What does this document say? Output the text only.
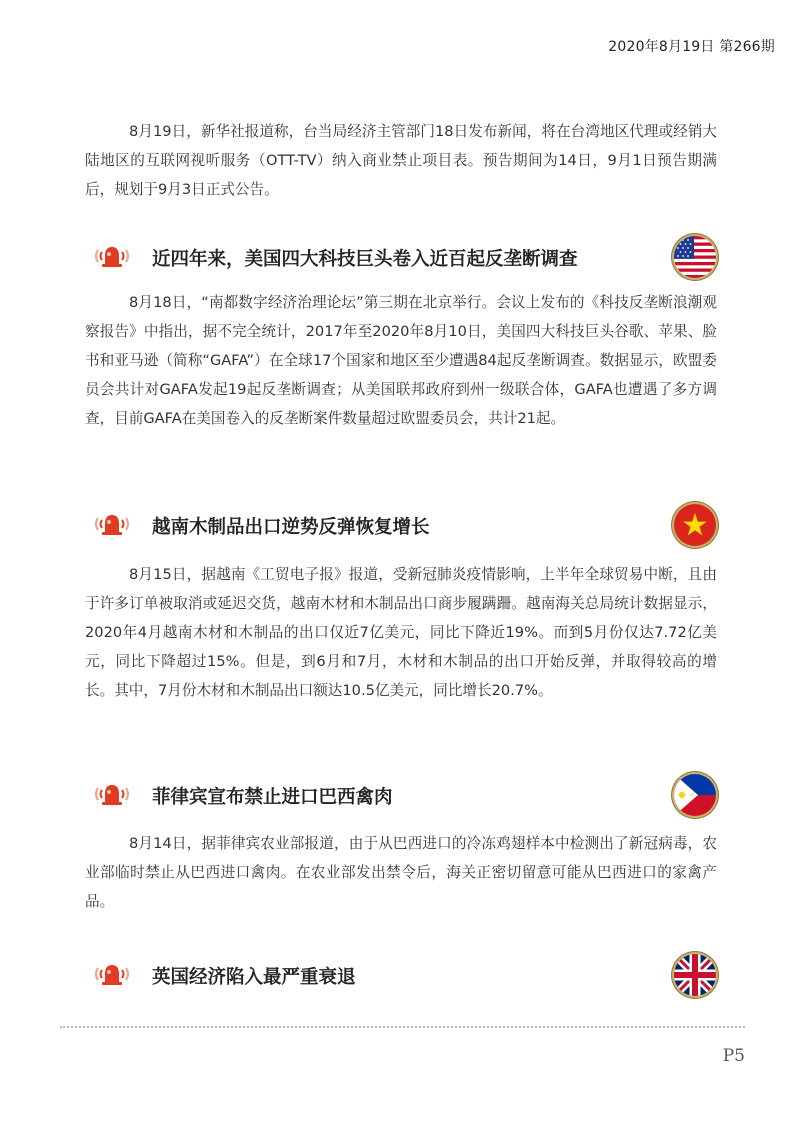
2020年8月19日 第266期

8月19日，新华社报道称，台当局经济主管部门18日发布新闻，将在台湾地区代理或经销大陆地区的互联网视听服务（OTT-TV）纳入商业禁止项目表。预告期间为14日，9月1日预告期满后，规划于9月3日正式公告。

近四年来，美国四大科技巨头卷入近百起反垄断调查

8月18日，“南都数字经济治理论坛”第三期在北京举行。会议上发布的《科技反垄断浪潮观察报告》中指出，据不完全统计，2017年至2020年8月10日，美国四大科技巨头谷歌、苹果、脸书和亚马逊（简称“GAFA”）在全球17个国家和地区至少遭遇84起反垄断调查。数据显示，欧盟委员会共计对GAFA发起19起反垄断调查；从美国联邦政府到州一级联合体，GAFA也遭遇了多方调查，目前GAFA在美国卷入的反垄断案件数量超过欧盟委员会，共计21起。

越南木制品出口逆势反弹恢复增长

8月15日，据越南《工贸电子报》报道，受新冠肺炎疫情影响，上半年全球贸易中断，且由于许多订单被取消或延迟交货，越南木材和木制品出口商步履蹒跚。越南海关总局统计数据显示，2020年4月越南木材和木制品的出口仅近7亿美元，同比下降近19%。而到5月份仅达7.72亿美元，同比下降超过15%。但是，到6月和7月，木材和木制品的出口开始反弹，并取得较高的增长。其中，7月份木材和木制品出口额达10.5亿美元，同比增长20.7%。

菲律宾宣布禁止进口巴西禽肉

8月14日，据菲律宾农业部报道，由于从巴西进口的冷冻鸡翅样本中检测出了新冠病毒，农业部临时禁止从巴西进口禽肉。在农业部发出禁令后，海关正密切留意可能从巴西进口的家禽产品。

英国经济陷入最严重衰退
P5
